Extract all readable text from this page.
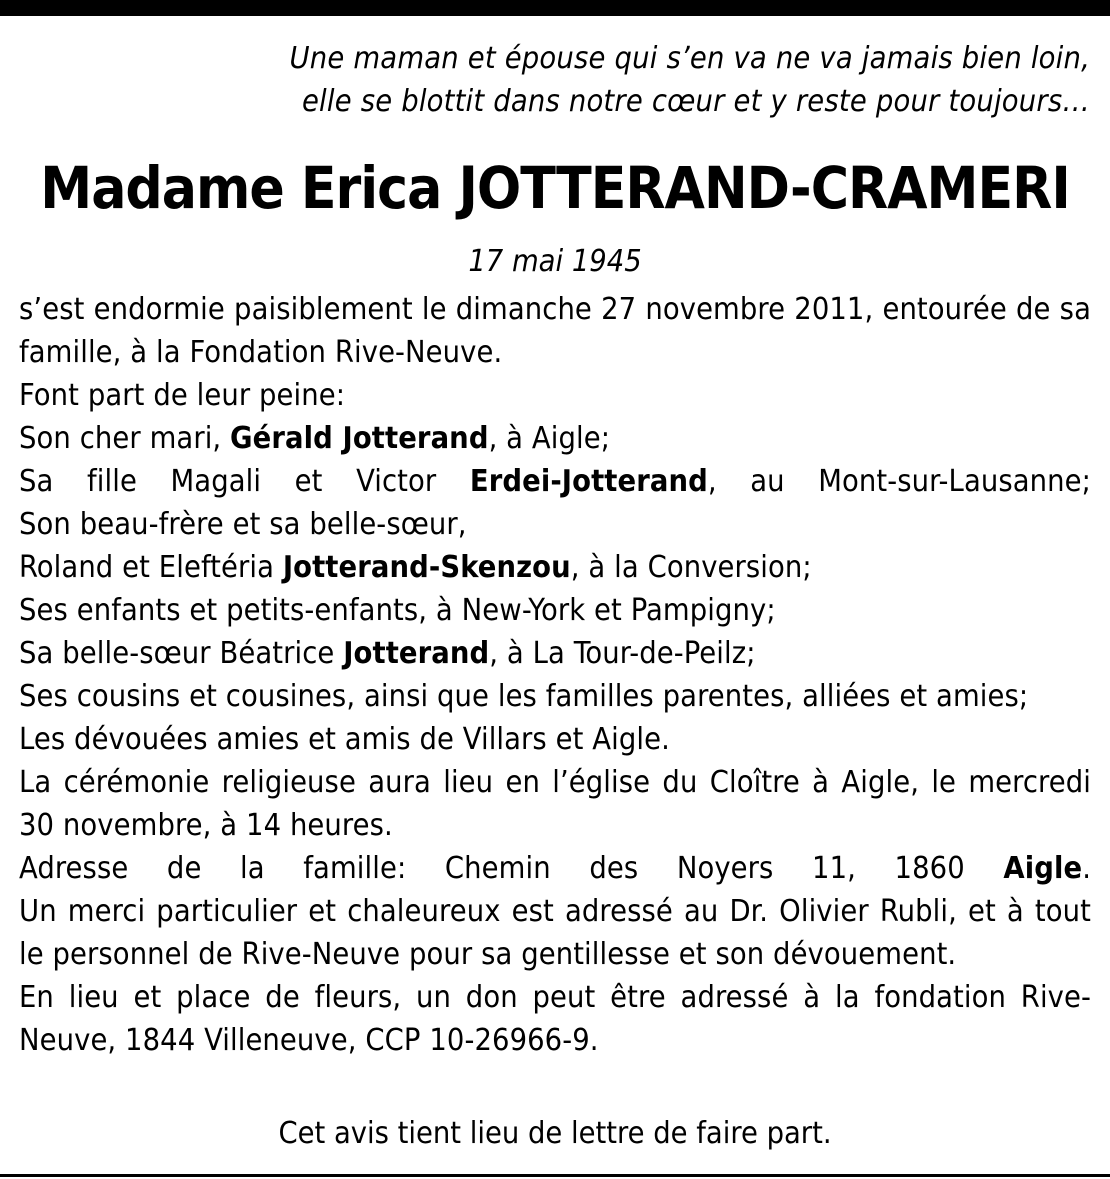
Une maman et épouse qui s’en va ne va jamais bien loin,
elle se blottit dans notre cœur et y reste pour toujours…
Madame Erica JOTTERAND-CRAMERI
17 mai 1945
s’est endormie paisiblement le dimanche 27 novembre 2011, entourée de sa famille, à la Fondation Rive-Neuve.
Font part de leur peine:
Son cher mari, Gérald Jotterand, à Aigle;
Sa fille Magali et Victor Erdei-Jotterand, au Mont-sur-Lausanne;
Son beau-frère et sa belle-sœur,
Roland et Eleftéria Jotterand-Skenzou, à la Conversion;
Ses enfants et petits-enfants, à New-York et Pampigny;
Sa belle-sœur Béatrice Jotterand, à La Tour-de-Peilz;
Ses cousins et cousines, ainsi que les familles parentes, alliées et amies;
Les dévouées amies et amis de Villars et Aigle.
La cérémonie religieuse aura lieu en l’église du Cloître à Aigle, le mercredi 30 novembre, à 14 heures.
Adresse de la famille: Chemin des Noyers 11, 1860 Aigle.
Un merci particulier et chaleureux est adressé au Dr. Olivier Rubli, et à tout le personnel de Rive-Neuve pour sa gentillesse et son dévouement.
En lieu et place de fleurs, un don peut être adressé à la fondation Rive-Neuve, 1844 Villeneuve, CCP 10-26966-9.
Cet avis tient lieu de lettre de faire part.
